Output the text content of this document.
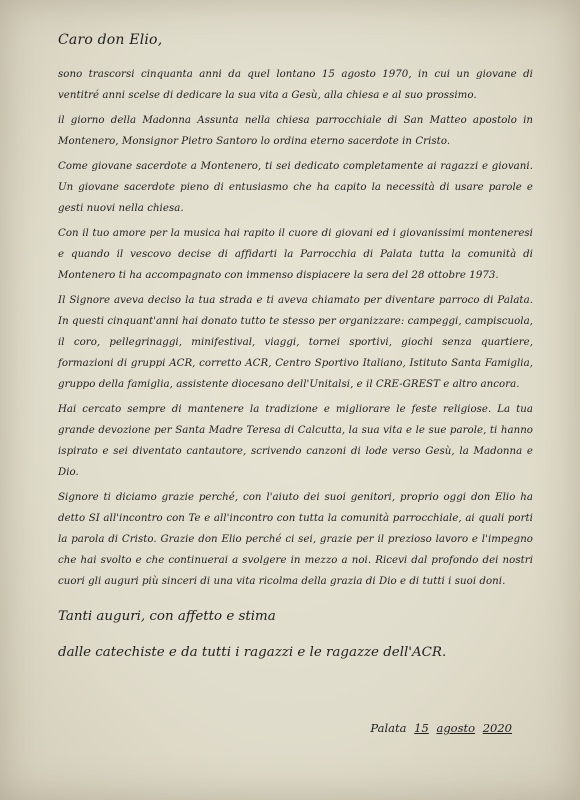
Caro don Elio,

sono trascorsi cinquanta anni da quel lontano 15 agosto 1970, in cui un giovane di ventitré anni scelse di dedicare la sua vita a Gesù, alla chiesa e al suo prossimo.

il giorno della Madonna Assunta nella chiesa parrocchiale di San Matteo apostolo in Montenero, Monsignor Pietro Santoro lo ordina eterno sacerdote in Cristo.

Come giovane sacerdote a Montenero, ti sei dedicato completamente ai ragazzi e giovani. Un giovane sacerdote pieno di entusiasmo che ha capito la necessità di usare parole e gesti nuovi nella chiesa.

Con il tuo amore per la musica hai rapito il cuore di giovani ed i giovanissimi monteneresi e quando il vescovo decise di affidarti la Parrocchia di Palata tutta la comunità di Montenero ti ha accompagnato con immenso dispiacere la sera del 28 ottobre 1973.

Il Signore aveva deciso la tua strada e ti aveva chiamato per diventare parroco di Palata. In questi cinquant'anni hai donato tutto te stesso per organizzare: campeggi, campiscuola, il coro, pellegrinaggi, minifestival, viaggi, tornei sportivi, giochi senza quartiere, formazioni di gruppi ACR, corretto ACR, Centro Sportivo Italiano, Istituto Santa Famiglia, gruppo della famiglia, assistente diocesano dell'Unitalsi, e il CRE-GREST e altro ancora.

Hai cercato sempre di mantenere la tradizione e migliorare le feste religiose. La tua grande devozione per Santa Madre Teresa di Calcutta, la sua vita e le sue parole, ti hanno ispirato e sei diventato cantautore, scrivendo canzoni di lode verso Gesù, la Madonna e Dio.

Signore ti diciamo grazie perché, con l'aiuto dei suoi genitori, proprio oggi don Elio ha detto SI all'incontro con Te e all'incontro con tutta la comunità parrocchiale, ai quali porti la parola di Cristo. Grazie don Elio perché ci sei, grazie per il prezioso lavoro e l'impegno che hai svolto e che continuerai a svolgere in mezzo a noi. Ricevi dal profondo dei nostri cuori gli auguri più sinceri di una vita ricolma della grazia di Dio e di tutti i suoi doni.

Tanti auguri, con affetto e stima
dalle catechiste e da tutti i ragazzi e le ragazze dell'ACR.
Palata 15 agosto 2020
